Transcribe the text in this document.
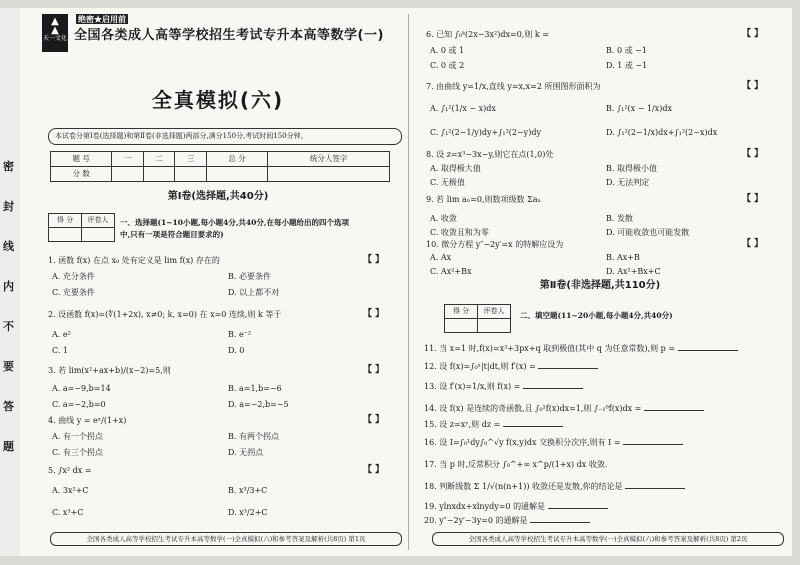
密
封
线
内
不
要
答
题
▲
▲
天一文化
绝密★启用前
全国各类成人高等学校招生考试专升本高等数学(一)
全真模拟(六)
本试卷分第Ⅰ卷(选择题)和第Ⅱ卷(非选择题)两部分,满分150分,考试时间150分钟。
题 号	一	二	三	总 分	统分人签字
分 数					
第Ⅰ卷(选择题,共40分)
得 分	评卷人
	一、选择题(1~10小题,每小题4分,共40分,在每小题给出的四个选项
中,只有一项是符合题目要求的)
1. 函数 f(x) 在点 x₀ 处有定义是 lim f(x) 存在的	【 】
A. 充分条件	B. 必要条件
C. 充要条件	D. 以上都不对
2. 设函数 f(x)=(∜(1+2x), x≠0; k, x=0) 在 x=0 连续,则 k 等于	【 】
A. e²	B. e⁻²
C. 1	D. 0
3. 若 lim(x²+ax+b)/(x−2)=5,则	【 】
A. a=−9,b=14	B. a=1,b=−6
C. a=−2,b=0	D. a=−2,b=−5
4. 曲线 y = eˣ/(1+x)	【 】
A. 有一个拐点	B. 有两个拐点
C. 有三个拐点	D. 无拐点
5. ∫x² dx =	【 】
A. 3x²+C	B. x³/3+C
C. x³+C	D. x³/2+C
全国各类成人高等学校招生考试专升本高等数学(一)全真模拟(六)和参考答案及解析(共8页) 第1页
6. 已知 ∫₀ᵏ(2x−3x²)dx=0,则 k =	【 】
A. 0 或 1	B. 0 或 −1
C. 0 或 2	D. 1 或 −1
7. 由曲线 y=1/x,直线 y=x,x=2 所围图形面积为	【 】
A. ∫₁²(1/x − x)dx	B. ∫₁²(x − 1/x)dx
C. ∫₁²(2−1/y)dy+∫₁²(2−y)dy	D. ∫₁²(2−1/x)dx+∫₁²(2−x)dx
8. 设 z=x³−3x−y,则它在点(1,0)处	【 】
A. 取得极大值	B. 取得极小值
C. 无极值	D. 无法判定
9. 若 lim aₙ=0,则数项级数 Σaₙ	【 】
A. 收敛	B. 发散
C. 收敛且和为零	D. 可能收敛也可能发散
10. 微分方程 y″−2y′=x 的特解应设为	【 】
A. Ax	B. Ax+B
C. Ax²+Bx	D. Ax²+Bx+C
第Ⅱ卷(非选择题,共110分)
得 分	评卷人
	二、填空题(11~20小题,每小题4分,共40分)
11. 当 x=1 时,f(x)=x³+3px+q 取到极值(其中 q 为任意常数),则 p =
12. 设 f(x)=∫₀ˣ|t|dt,则 f′(x) =
13. 设 f′(x)=1/x,则 f(x) =
14. 设 f(x) 是连续的奇函数,且 ∫₀¹f(x)dx=1,则 ∫₋₁⁰f(x)dx =
15. 设 z=xʸ,则 dz =
16. 设 I=∫₀¹dy∫₀^√y f(x,y)dx 交换积分次序,则有 I =
17. 当 p 时,反常积分 ∫₀^+∞ x^p/(1+x) dx 收敛.
18. 判断级数 Σ 1/√(n(n+1)) 收敛还是发散,你的结论是
19. ylnxdx+xlnydy=0 的通解是
20. y″−2y′−3y=0 的通解是
全国各类成人高等学校招生考试专升本高等数学(一)全真模拟(六)和参考答案及解析(共8页) 第2页
